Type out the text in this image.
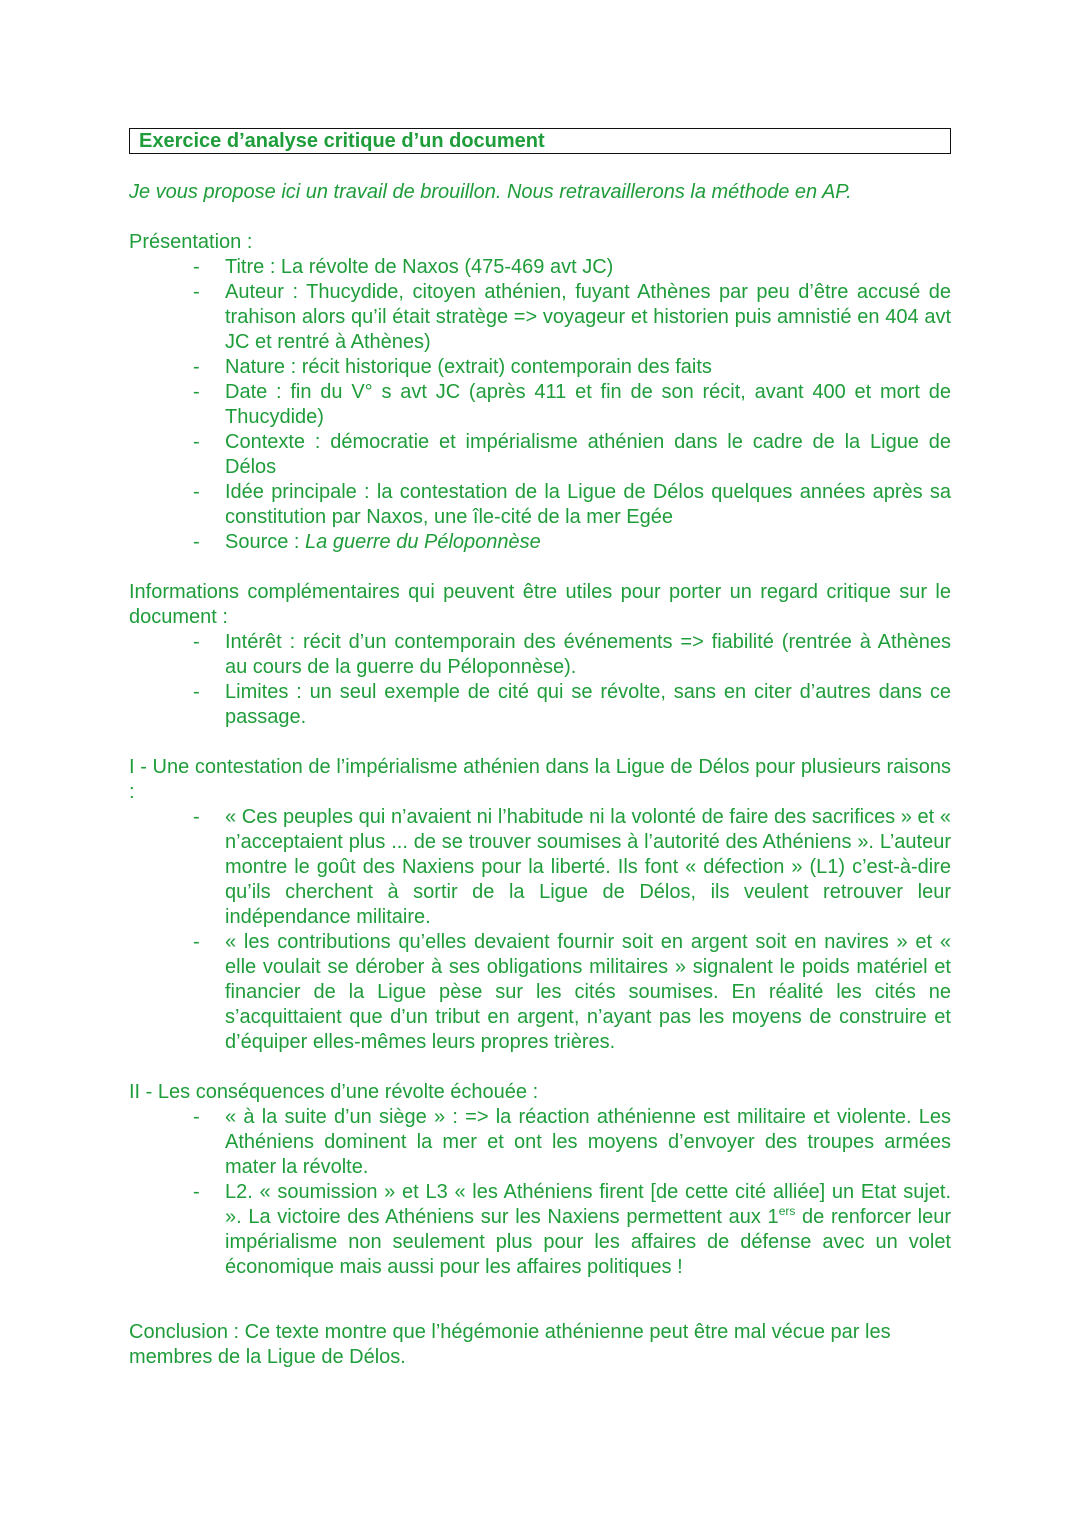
Exercice d’analyse critique d’un document

Je vous propose ici un travail de brouillon. Nous retravaillerons la méthode en AP.

Présentation :

- Titre : La révolte de Naxos (475-469 avt JC)
- Auteur : Thucydide, citoyen athénien, fuyant Athènes par peu d’être accusé de trahison alors qu’il était stratège => voyageur et historien puis amnistié en 404 avt JC et rentré à Athènes)
- Nature : récit historique (extrait) contemporain des faits
- Date : fin du V° s avt JC (après 411 et fin de son récit, avant 400 et mort de Thucydide)
- Contexte : démocratie et impérialisme athénien dans le cadre de la Ligue de Délos
- Idée principale : la contestation de la Ligue de Délos quelques années après sa constitution par Naxos, une île-cité de la mer Egée
- Source : La guerre du Péloponnèse

Informations complémentaires qui peuvent être utiles pour porter un regard critique sur le document :

- Intérêt : récit d’un contemporain des événements => fiabilité (rentrée à Athènes au cours de la guerre du Péloponnèse).
- Limites : un seul exemple de cité qui se révolte, sans en citer d’autres dans ce passage.

I - Une contestation de l’impérialisme athénien dans la Ligue de Délos pour plusieurs raisons :

- « Ces peuples qui n’avaient ni l’habitude ni la volonté de faire des sacrifices » et « n’acceptaient plus ... de se trouver soumises à l’autorité des Athéniens ». L’auteur montre le goût des Naxiens pour la liberté. Ils font « défection » (L1) c’est-à-dire qu’ils cherchent à sortir de la Ligue de Délos, ils veulent retrouver leur indépendance militaire.
- « les contributions qu’elles devaient fournir soit en argent soit en navires » et « elle voulait se dérober à ses obligations militaires » signalent le poids matériel et financier de la Ligue pèse sur les cités soumises. En réalité les cités ne s’acquittaient que d’un tribut en argent, n’ayant pas les moyens de construire et d’équiper elles-mêmes leurs propres trières.

II - Les conséquences d’une révolte échouée :

- « à la suite d’un siège » : => la réaction athénienne est militaire et violente. Les Athéniens dominent la mer et ont les moyens d’envoyer des troupes armées mater la révolte.
- L2. « soumission » et L3 « les Athéniens firent [de cette cité alliée] un Etat sujet. ». La victoire des Athéniens sur les Naxiens permettent aux 1ers de renforcer leur impérialisme non seulement plus pour les affaires de défense avec un volet économique mais aussi pour les affaires politiques !

Conclusion : Ce texte montre que l’hégémonie athénienne peut être mal vécue par les membres de la Ligue de Délos.
